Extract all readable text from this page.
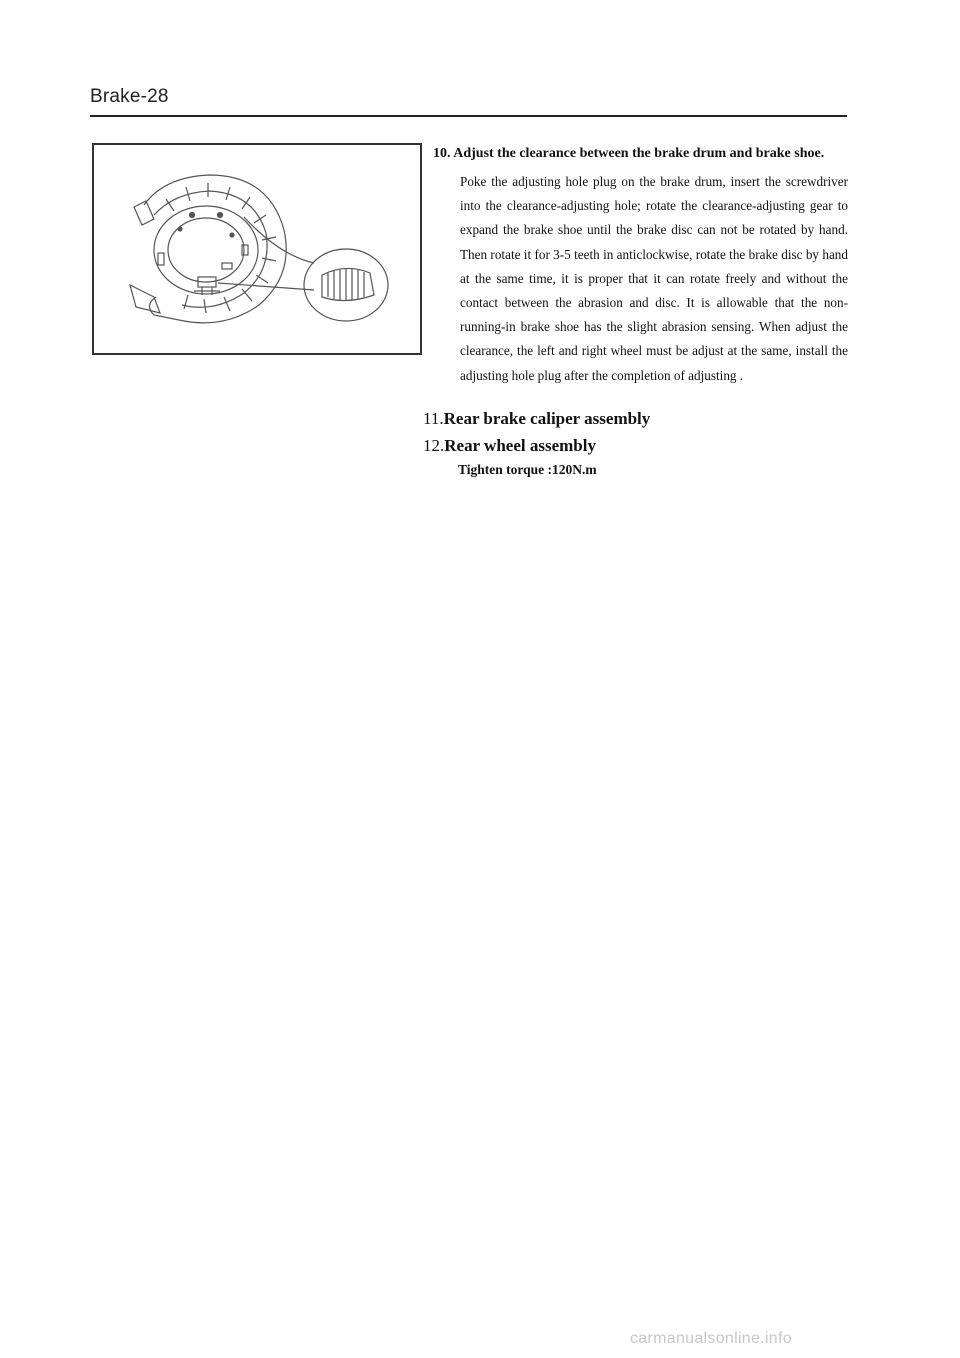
Brake-28

10. Adjust the clearance between the brake drum and brake shoe.

Poke the adjusting hole plug on the brake drum, insert the screwdriver into the clearance-adjusting hole; rotate the clearance-adjusting gear to expand the brake shoe until the brake disc can not be rotated by hand. Then rotate it for 3-5 teeth in anticlockwise, rotate the brake disc by hand at the same time, it is proper that it can rotate freely and without the contact between the abrasion and disc. It is allowable that the non-running-in brake shoe has the slight abrasion sensing. When adjust the clearance, the left and right wheel must be adjust at the same, install the adjusting hole plug after the completion of adjusting .

11.Rear brake caliper assembly
12.Rear wheel assembly
Tighten torque :120N.m
carmanualsonline.info
